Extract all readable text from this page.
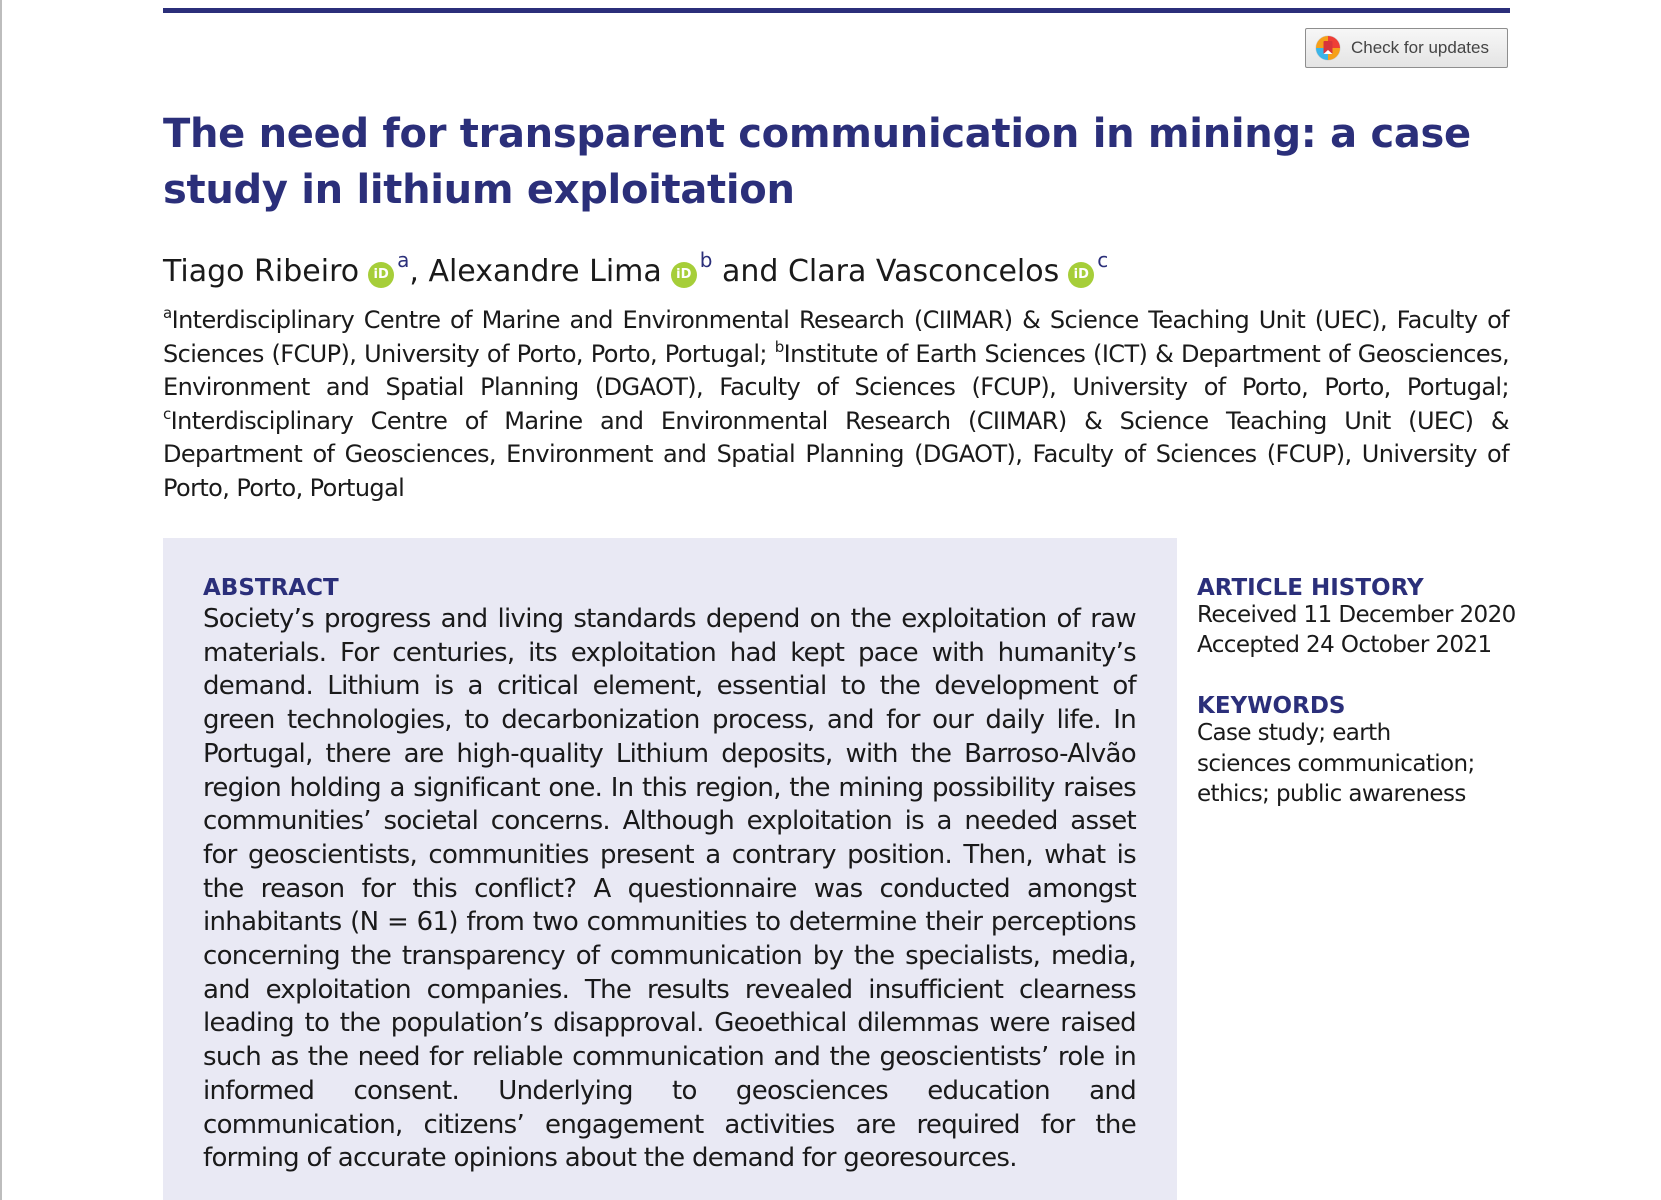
Check for updates
The need for transparent communication in mining: a case study in lithium exploitation
Tiago Ribeiro iD$^a$, Alexandre Lima iD$^b$ and Clara Vasconcelos iD$^c$

$^a$Interdisciplinary Centre of Marine and Environmental Research (CIIMAR) & Science Teaching Unit (UEC), Faculty of Sciences (FCUP), University of Porto, Porto, Portugal; $^b$Institute of Earth Sciences (ICT) & Department of Geosciences, Environment and Spatial Planning (DGAOT), Faculty of Sciences (FCUP), University of Porto, Porto, Portugal; $^c$Interdisciplinary Centre of Marine and Environmental Research (CIIMAR) & Science Teaching Unit (UEC) & Department of Geosciences, Environment and Spatial Planning (DGAOT), Faculty of Sciences (FCUP), University of Porto, Porto, Portugal

ABSTRACT

Society’s progress and living standards depend on the exploitation of raw materials. For centuries, its exploitation had kept pace with humanity’s demand. Lithium is a critical element, essential to the development of green technologies, to decarbonization process, and for our daily life. In Portugal, there are high-quality Lithium deposits, with the Barroso-Alvão region holding a significant one. In this region, the mining possibility raises communities’ societal concerns. Although exploitation is a needed asset for geoscientists, communities present a contrary position. Then, what is the reason for this conflict? A questionnaire was conducted amongst inhabitants (N = 61) from two communities to determine their perceptions concerning the transparency of communication by the specialists, media, and exploitation companies. The results revealed insufficient clearness leading to the population’s disapproval. Geoethical dilemmas were raised such as the need for reliable communication and the geoscientists’ role in informed consent. Underlying to geosciences education and communication, citizens’ engagement activities are required for the forming of accurate opinions about the demand for georesources.

ARTICLE HISTORY

Received 11 December 2020

Accepted 24 October 2021

KEYWORDS

Case study; earth sciences communication; ethics; public awareness
